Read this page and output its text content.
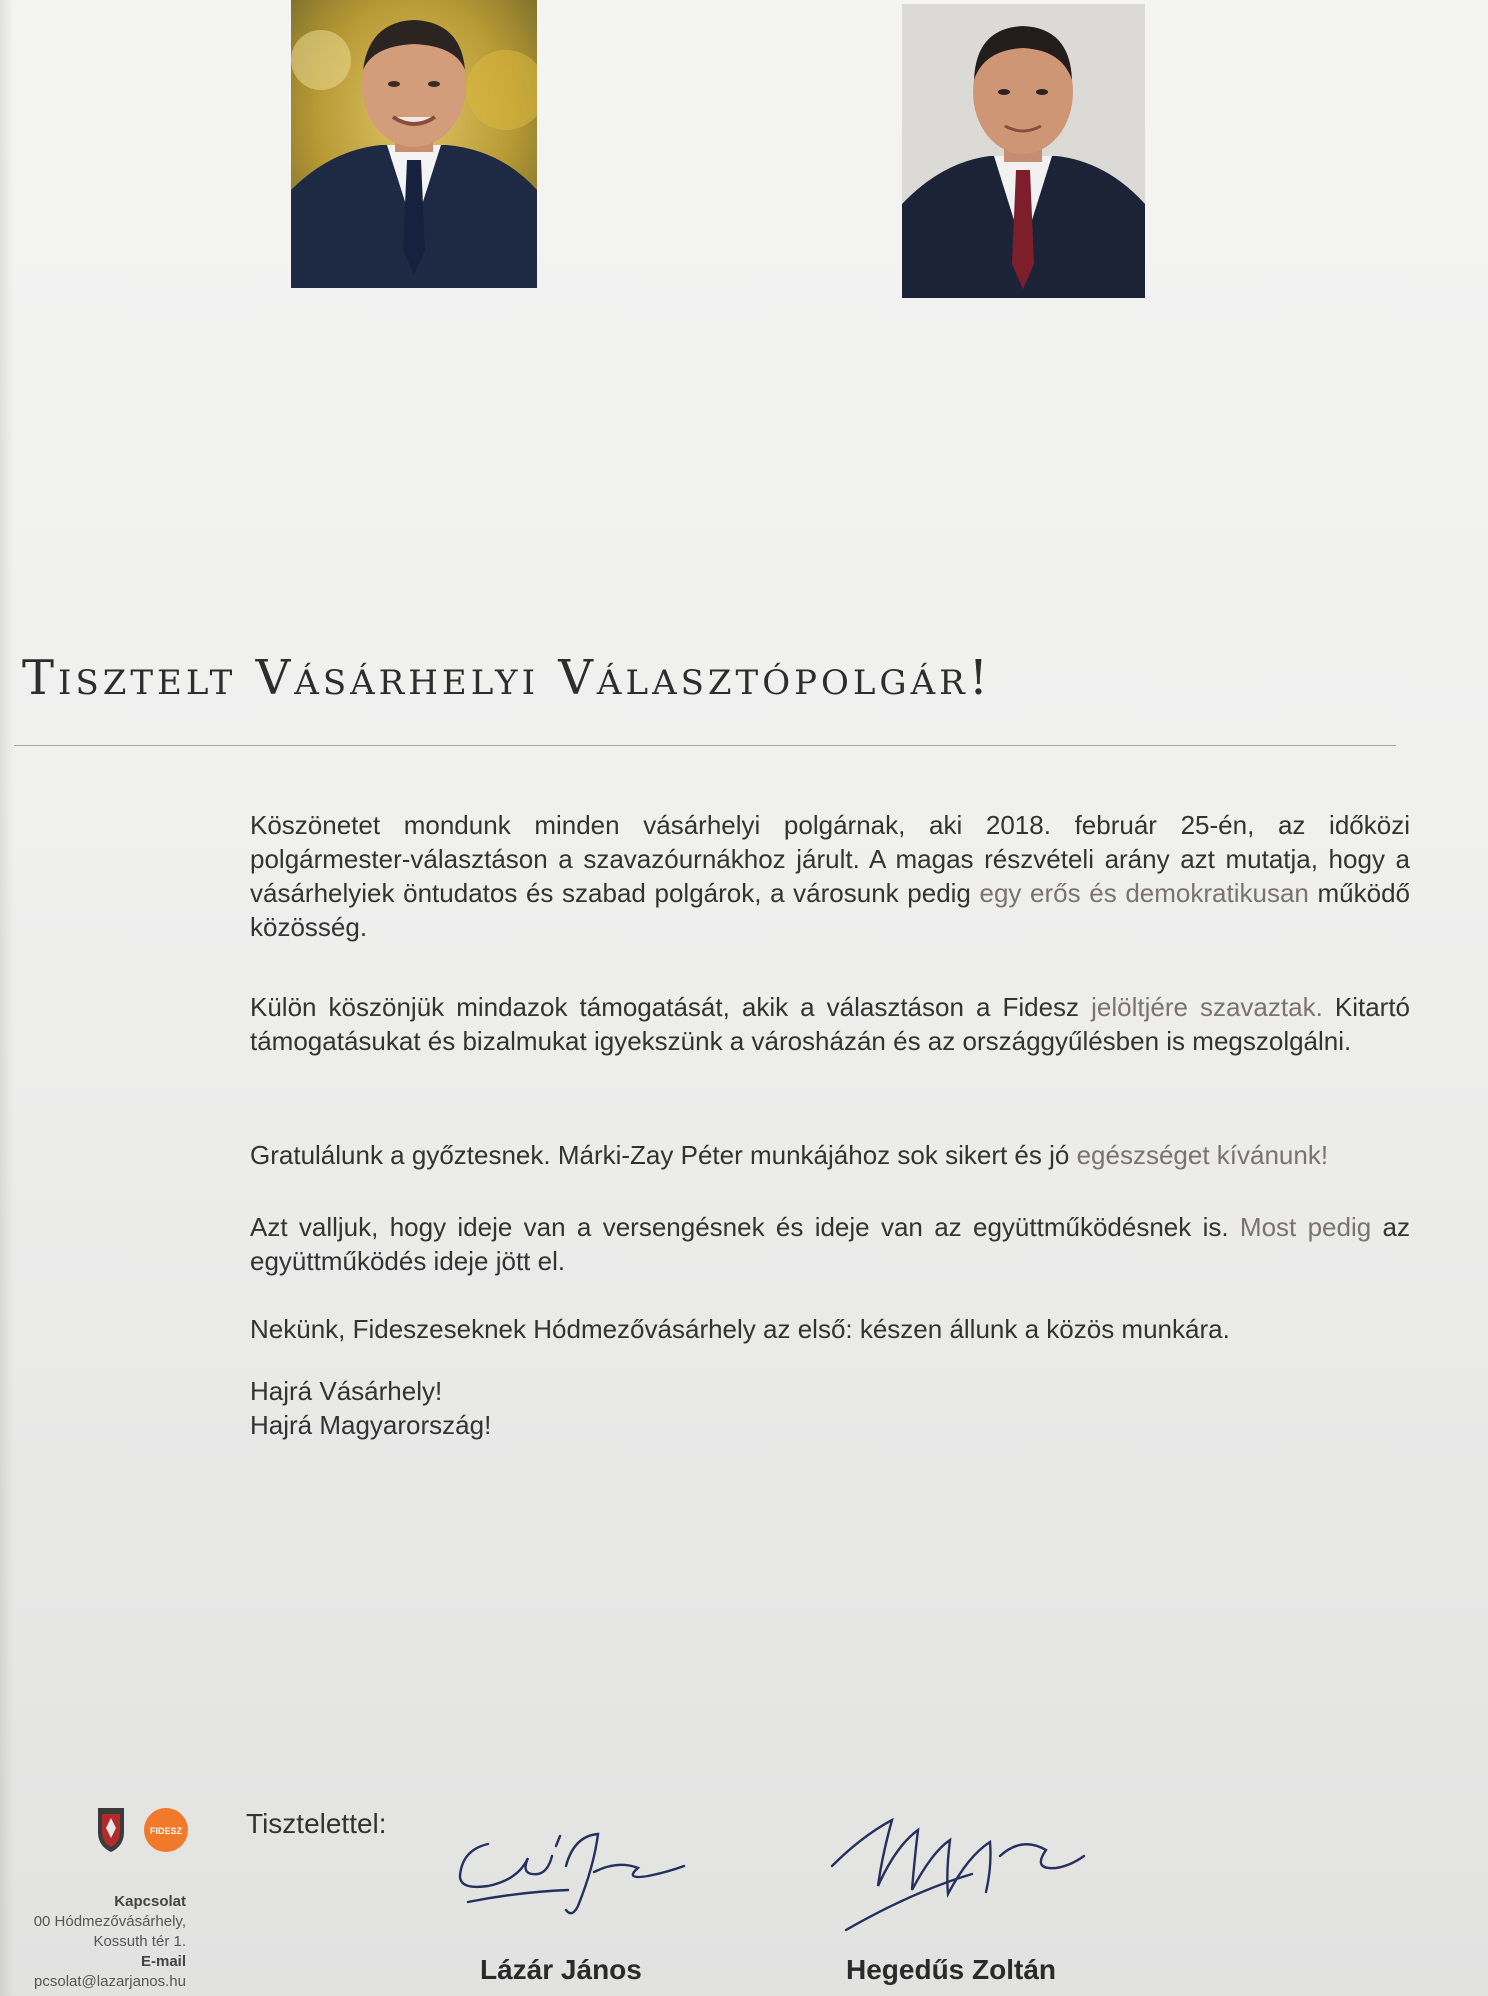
Tisztelt Vásárhelyi Választópolgár!

Köszönetet mondunk minden vásárhelyi polgárnak, aki 2018. február 25-én, az időközi polgármester-választáson a szavazóurnákhoz járult. A magas részvételi arány azt mutatja, hogy a vásárhelyiek öntudatos és szabad polgárok, a városunk pedig egy erős és demokratikusan működő közösség.

Külön köszönjük mindazok támogatását, akik a választáson a Fidesz jelöltjére szavaztak. Kitartó támogatásukat és bizalmukat igyekszünk a városházán és az országgyűlésben is megszolgálni.

Gratulálunk a győztesnek. Márki-Zay Péter munkájához sok sikert és jó egészséget kívánunk!

Azt valljuk, hogy ideje van a versengésnek és ideje van az együttműködésnek is. Most pedig az együttműködés ideje jött el.

Nekünk, Fideszeseknek Hódmezővásárhely az első: készen állunk a közös munkára.

Hajrá Vásárhely!
Hajrá Magyarország!
Tisztelettel:
FIDESZ
Kapcsolat
00 Hódmezővásárhely,
Kossuth tér 1.
E-mail
pcsolat@lazarjanos.hu	Lázár János	Hegedűs Zoltán
